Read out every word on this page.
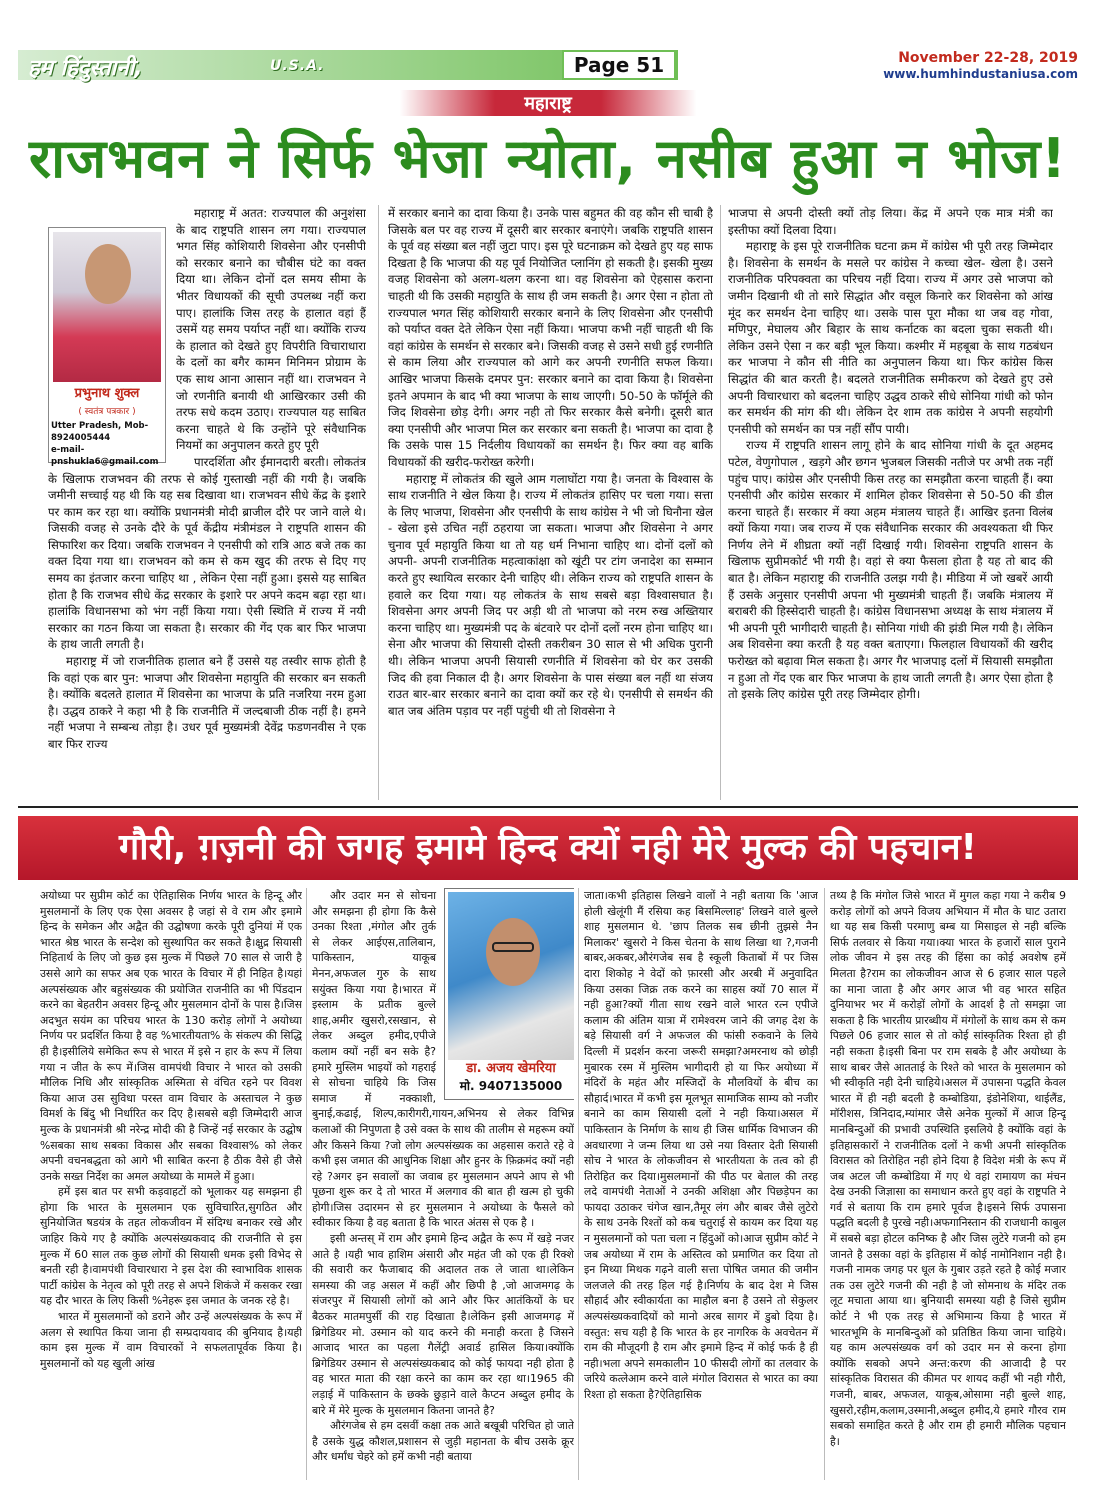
हम हिंदुस्तानी,	U.S.A.	Page 51	November 22-28, 2019
www.humhindustaniusa.com
महाराष्ट्र
राजभवन ने सिर्फ भेजा न्योता, नसीब हुआ न भोज!
प्रभुनाथ शुक्ल
( स्वतंत्र पत्रकार )
Utter Pradesh, Mob-8924005444
e-mail- pnshukla6@gmail.com

महाराष्ट्र में अतत: राज्यपाल की अनुशंसा के बाद राष्ट्रपति शासन लग गया। राज्यपाल भगत सिंह कोशियारी शिवसेना और एनसीपी को सरकार बनाने का चौबीस घंटे का वक्त दिया था। लेकिन दोनों दल समय सीमा के भीतर विधायकों की सूची उपलब्ध नहीं करा पाए। हालांकि जिस तरह के हालात वहां हैं उसमें यह समय पर्याप्त नहीं था। क्योंकि राज्य के हालात को देखते हुए विपरीति विचाराधारा के दलों का बगैर कामन मिनिमन प्रोग्राम के एक साथ आना आसान नहीं था। राजभवन ने जो रणनीति बनायी थी आखिरकार उसी की तरफ सधे कदम उठाए। राज्यपाल यह साबित करना चाहते थे कि उन्होंने पूरे संवैधानिक नियमों का अनुपालन करते हुए पूरी

पारदर्शिता और ईमानदारी बरती। लोकतंत्र के खिलाफ राजभवन की तरफ से कोई गुस्ताखी नहीं की गयी है। जबकि जमीनी सच्चाई यह थी कि यह सब दिखावा था। राजभवन सीधे केंद्र के इशारे पर काम कर रहा था। क्योंकि प्रधानमंत्री मोदी ब्राजील दौरे पर जाने वाले थे। जिसकी वजह से उनके दौरे के पूर्व केंद्रीय मंत्रीमंडल ने राष्ट्रपति शासन की सिफारिश कर दिया। जबकि राजभवन ने एनसीपी को रात्रि आठ बजे तक का वक्त दिया गया था। राजभवन को कम से कम खुद की तरफ से दिए गए समय का इंतजार करना चाहिए था , लेकिन ऐसा नहीं हुआ। इससे यह साबित होता है कि राजभव सीधे केंद्र सरकार के इशारे पर अपने कदम बढ़ा रहा था। हालांकि विधानसभा को भंग नहीं किया गया। ऐसी स्थिति में राज्य में नयी सरकार का गठन किया जा सकता है। सरकार की गेंद एक बार फिर भाजपा के हाथ जाती लगती है।

महाराष्ट्र में जो राजनीतिक हालात बने हैं उससे यह तस्वीर साफ होती है कि वहां एक बार पुन: भाजपा और शिवसेना महायुति की सरकार बन सकती है। क्योंकि बदलते हालात में शिवसेना का भाजपा के प्रति नजरिया नरम हुआ है। उद्धव ठाकरे ने कहा भी है कि राजनीति में जल्दबाजी ठीक नहीं है। हमने नहीं भजपा ने सम्बन्ध तोड़ा है। उधर पूर्व मुख्यमंत्री देवेंद्र फडणनवीस ने एक बार फिर राज्य

में सरकार बनाने का दावा किया है। उनके पास बहुमत की वह कौन सी चाबी है जिसके बल पर वह राज्य में दूसरी बार सरकार बनाएंगे। जबकि राष्ट्रपति शासन के पूर्व वह संख्या बल नहीं जुटा पाए। इस पूरे घटनाक्रम को देखते हुए यह साफ दिखता है कि भाजपा की यह पूर्व नियोजित प्लानिंग हो सकती है। इसकी मुख्य वजह शिवसेना को अलग-थलग करना था। वह शिवसेना को ऐहसास कराना चाहती थी कि उसकी महायुति के साथ ही जम सकती है। अगर ऐसा न होता तो राज्यपाल भगत सिंह कोशियारी सरकार बनाने के लिए शिवसेना और एनसीपी को पर्याप्त वक्त देते लेकिन ऐसा नहीं किया। भाजपा कभी नहीं चाहती थी कि वहां कांग्रेस के समर्थन से सरकार बने। जिसकी वजह से उसने सधी हुई रणनीति से काम लिया और राज्यपाल को आगे कर अपनी रणनीति सफल किया। आखिर भाजपा किसके दमपर पुन: सरकार बनाने का दावा किया है। शिवसेना इतने अपमान के बाद भी क्या भाजपा के साथ जाएगी। 50-50 के फॉर्मूले की जिद शिवसेना छोड़ देगी। अगर नही तो फिर सरकार कैसे बनेगी। दूसरी बात क्या एनसीपी और भाजपा मिल कर सरकार बना सकती है। भाजपा का दावा है कि उसके पास 15 निर्दलीय विधायकों का समर्थन है। फिर क्या वह बाकि विधायकों की खरीद-फरोख्त करेगी।

महाराष्ट्र में लोकतंत्र की खुले आम गलाघोंटा गया है। जनता के विश्वास के साथ राजनीति ने खेल किया है। राज्य में लोकतंत्र हासिए पर चला गया। सत्ता के लिए भाजपा, शिवसेना और एनसीपी के साथ कांग्रेस ने भी जो घिनौना खेल - खेला इसे उचित नहीं ठहराया जा सकता। भाजपा और शिवसेना ने अगर चुनाव पूर्व महायुति किया था तो यह धर्म निभाना चाहिए था। दोनों दलों को अपनी- अपनी राजनीतिक महत्वाकांक्षा को खूंटी पर टांग जनादेश का सम्मान करते हुए स्थायित्व सरकार देनी चाहिए थी। लेकिन राज्य को राष्ट्रपति शासन के हवाले कर दिया गया। यह लोकतंत्र के साथ सबसे बड़ा विश्वासघात है। शिवसेना अगर अपनी जिद पर अड़ी थी तो भाजपा को नरम रुख अख्तियार करना चाहिए था। मुख्यमंत्री पद के बंटवारे पर दोनों दलों नरम होना चाहिए था। सेना और भाजपा की सियासी दोस्ती तकरीबन 30 साल से भी अधिक पुरानी थी। लेकिन भाजपा अपनी सियासी रणनीति में शिवसेना को घेर कर उसकी जिद की हवा निकाल दी है। अगर शिवसेना के पास संख्या बल नहीं था संजय राउत बार-बार सरकार बनाने का दावा क्यों कर रहे थे। एनसीपी से समर्थन की बात जब अंतिम पड़ाव पर नहीं पहुंची थी तो शिवसेना ने

भाजपा से अपनी दोस्ती क्यों तोड़ लिया। केंद्र में अपने एक मात्र मंत्री का इस्तीफा क्यों दिलवा दिया।

महाराष्ट्र के इस पूरे राजनीतिक घटना क्रम में कांग्रेस भी पूरी तरह जिम्मेदार है। शिवसेना के समर्थन के मसले पर कांग्रेस ने कच्चा खेल- खेला है। उसने राजनीतिक परिपक्वता का परिचय नहीं दिया। राज्य में अगर उसे भाजपा को जमीन दिखानी थी तो सारे सिद्धांत और वसूल किनारे कर शिवसेना को आंख मूंद कर समर्थन देना चाहिए था। उसके पास पूरा मौका था जब वह गोवा, मणिपुर, मेघालय और बिहार के साथ कर्नाटक का बदला चुका सकती थी। लेकिन उसने ऐसा न कर बड़ी भूल किया। कश्मीर में महबूबा के साथ गठबंधन कर भाजपा ने कौन सी नीति का अनुपालन किया था। फिर कांग्रेस किस सिद्धांत की बात करती है। बदलते राजनीतिक समीकरण को देखते हुए उसे अपनी विचारधारा को बदलना चाहिए उद्धव ठाकरे सीधे सोनिया गांधी को फोन कर समर्थन की मांग की थी। लेकिन देर शाम तक कांग्रेस ने अपनी सहयोगी एनसीपी को समर्थन का पत्र नहीं सौंप पायी।

राज्य में राष्ट्रपति शासन लागू होने के बाद सोनिया गांधी के दूत अहमद पटेल, वेणुगोपाल , खड़गे और छगन भुजबल जिसकी नतीजे पर अभी तक नहीं पहुंच पाए। कांग्रेस और एनसीपी किस तरह का समझौता करना चाहती हैं। क्या एनसीपी और कांग्रेस सरकार में शामिल होकर शिवसेना से 50-50 की डील करना चाहते हैं। सरकार में क्या अहम मंत्रालय चाहते हैं। आखिर इतना विलंब क्यों किया गया। जब राज्य में एक संवैधानिक सरकार की अवश्यकता थी फिर निर्णय लेने में शीघ्रता क्यों नहीं दिखाई गयी। शिवसेना राष्ट्रपति शासन के खिलाफ सुप्रीमकोर्ट भी गयी है। वहां से क्या फैसला होता है यह तो बाद की बात है। लेकिन महाराष्ट्र की राजनीति उलझ गयी है। मीडिया में जो खबरें आयी हैं उसके अनुसार एनसीपी अपना भी मुख्यमंत्री चाहती हैं। जबकि मंत्रालय में बराबरी की हिस्सेदारी चाहती है। कांग्रेस विधानसभा अध्यक्ष के साथ मंत्रालय में भी अपनी पूरी भागीदारी चाहती है। सोनिया गांधी की झंडी मिल गयी है। लेकिन अब शिवसेना क्या करती है यह वक्त बताएगा। फिलहाल विधायकों की खरीद फरोख्त को बढ़ावा मिल सकता है। अगर गैर भाजपाइ दलों में सियासी समझौता न हुआ तो गेंद एक बार फिर भाजपा के हाथ जाती लगती है। अगर ऐसा होता है तो इसके लिए कांग्रेस पूरी तरह जिम्मेदार होगी।

गौरी, ग़ज़नी की जगह इमामे हिन्द क्यों नही मेरे मुल्क की पहचान!

अयोध्या पर सुप्रीम कोर्ट का ऐतिहासिक निर्णय भारत के हिन्दू और मुसलमानों के लिए एक ऐसा अवसर है जहां से वे राम और इमामे हिन्द के समेकन और अद्वैत की उद्घोषणा करके पूरी दुनियां में एक भारत श्रेष्ठ भारत के सन्देश को सुस्थापित कर सकते है।क्षुद्र सियासी निहितार्थ के लिए जो कुछ इस मुल्क में पिछले 70 साल से जारी है उससे आगे का सफर अब एक भारत के विचार में ही निहित है।यहां अल्पसंख्यक और बहुसंख्यक की प्रयोजित राजनीति का भी पिंडदान करने का बेहतरीन अवसर हिन्दू और मुसलमान दोनों के पास है।जिस अदभुत सयंम का परिचय भारत के 130 करोड़ लोगों ने अयोध्या निर्णय पर प्रदर्शित किया है वह %भारतीयता% के संकल्प की सिद्धि ही है।इसीलिये समेकित रूप से भारत में इसे न हार के रूप में लिया गया न जीत के रूप में।जिस वामपंथी विचार ने भारत को उसकी मौलिक निधि और सांस्कृतिक अस्मिता से वंचित रहने पर विवश किया आज उस सुविधा परस्त वाम विचार के अस्ताचल ने कुछ विमर्श के बिंदु भी निर्धारित कर दिए है।सबसे बड़ी जिम्मेदारी आज मुल्क के प्रधानमंत्री श्री नरेन्द्र मोदी की है जिन्हें नई सरकार के उद्घोष %सबका साथ सबका विकास और सबका विश्वास% को लेकर अपनी वचनबद्धता को आगे भी साबित करना है ठीक वैसे ही जैसे उनके सख्त निर्देश का अमल अयोध्या के मामले में हुआ।

हमें इस बात पर सभी कड़वाहटों को भूलाकर यह समझना ही होगा कि भारत के मुसलमान एक सुविचारित,सुगठित और सुनियोजित षडयंत्र के तहत लोकजीवन में संदिग्ध बनाकर रखे और जाहिर किये गए है क्योंकि अल्पसंख्यकवाद की राजनीति से इस मुल्क में 60 साल तक कुछ लोगों की सियासी धमक इसी विभेद से बनती रही है।वामपंथी विचारधारा ने इस देश की स्वाभाविक शासक पार्टी कांग्रेस के नेतृत्व को पूरी तरह से अपने शिकंजे में कसकर रखा यह दौर भारत के लिए किसी %नेहरू इस जमात के जनक रहे है।

भारत में मुसलमानों को डराने और उन्हें अल्पसंख्यक के रूप में अलग से स्थापित किया जाना ही सम्प्रदायवाद की बुनियाद है।यही काम इस मुल्क में वाम विचारकों ने सफलतापूर्वक किया है। मुसलमानों को यह खुली आंख

डा. अजय खेमरिया
मो. 9407135000

और उदार मन से सोचना और समझना ही होगा कि कैसे उनका रिश्ता ,मंगोल और तुर्क से लेकर आईएस,तालिबान, पाकिस्तान, याकूब मेनन,अफजल गुरु के साथ सयुंक्त किया गया है।भारत में इस्लाम के प्रतीक बुल्ले शाह,अमीर खुसरो,रसखान, से लेकर अब्दुल हमीद,एपीजे कलाम क्यों नहीं बन सके है? हमारे मुस्लिम भाइयों को गहराई से सोचना चाहिये कि जिस समाज में नक्काशी, बुनाई,कढाई, शिल्प,कारीगरी,गायन,अभिनय से लेकर विभिन्न कलाओं की निपुणता है उसे वक्त के साथ की तालीम से महरूम क्यों और किसने किया ?जो लोग अल्पसंख्यक का अहसास कराते रहे वे कभी इस जमात की आधुनिक शिक्षा और हुनर के फ़िक्रमंद क्यों नही रहे ?अगर इन सवालों का जवाब हर मुसलमान अपने आप से भी पूछना शुरू कर दे तो भारत में अलगाव की बात ही खत्म हो चुकी होगी।जिस उदारमन से हर मुसलमान ने अयोध्या के फैसले को स्वीकार किया है वह बताता है कि भारत अंतस से एक है ।

इसी अन्तस् में राम और इमामे हिन्द अद्वैत के रूप में खड़े नजर आते है ।यही भाव हाशिम अंसारी और महंत जी को एक ही रिक्शे की सवारी कर फैजाबाद की अदालत तक ले जाता था।लेकिन समस्या की जड़ असल में कहीं और छिपी है ,जो आजमगढ़ के संजरपुर में सियासी लोगों को आने और फिर आतंकियों के घर बैठकर मातमपुर्सी की राह दिखाता है।लेकिन इसी आजमगढ़ में ब्रिगेडियर मो. उस्मान को याद करने की मनाही करता है जिसने आजाद भारत का पहला गैलेंट्री अवार्ड हासिल किया।क्योंकि ब्रिगेडियर उस्मान से अल्पसंख्यकबाद को कोई फायदा नही होता है वह भारत माता की रक्षा करने का काम कर रहा था।1965 की लड़ाई में पाकिस्तान के छक्के छुड़ाने वाले कैप्टन अब्दुल हमीद के बारे में मेरे मुल्क के मुसलमान कितना जानते है?

औरंगजेब से हम दसवीं कक्षा तक आते बखूबी परिचित हो जाते है उसके युद्ध कौशल,प्रशासन से जुड़ी महानता के बीच उसके क्रूर और धर्मांध चेहरे को हमें कभी नही बताया

जाता।कभी इतिहास लिखने वालों ने नही बताया कि 'आज होली खेलूंगी मैं रसिया कह बिसमिल्लाह' लिखने वाले बुल्ले शाह मुसलमान थे. 'छाप तिलक सब छीनी तुझसे नैन मिलाकर' खुसरो ने किस चेतना के साथ लिखा था ?,गजनी बाबर,अकबर,औरंगजेब सब है स्कूली किताबों में पर जिस दारा शिकोह ने वेदों को फ़ारसी और अरबी में अनुवादित किया उसका जिक्र तक करने का साहस क्यों 70 साल में नही हुआ?क्यों गीता साथ रखने वाले भारत रत्न एपीजे कलाम की अंतिम यात्रा में रामेश्वरम जाने की जगह देश के बड़े सियासी वर्ग ने अफजल की फांसी रुकवाने के लिये दिल्ली में प्रदर्शन करना जरूरी समझा?अमरनाथ को छोड़ी मुबारक रस्म में मुस्लिम भागीदारी हो या फिर अयोध्या में मंदिरों के महंत और मस्जिदों के मौलवियों के बीच का सौहार्द।भारत में कभी इस मूलभूत सामाजिक साम्य को नजीर बनाने का काम सियासी दलों ने नही किया।असल में पाकिस्तान के निर्माण के साथ ही जिस धार्मिक विभाजन की अवधारणा ने जन्म लिया था उसे नया विस्तार देती सियासी सोच ने भारत के लोकजीवन से भारतीयता के तत्व को ही तिरोहित कर दिया।मुसलमानों की पीठ पर बेताल की तरह लदे वामपंथी नेताओं ने उनकी अशिक्षा और पिछड़ेपन का फायदा उठाकर चंगेज खान,तैमूर लंग और बाबर जैसे लुटेरो के साथ उनके रिश्तों को कब चतुराई से कायम कर दिया यह न मुसलमानों को पता चला न हिंदुओं को।आज सुप्रीम कोर्ट ने जब अयोध्या में राम के अस्तित्व को प्रमाणित कर दिया तो इन मिथ्या मिथक गढ़ने वाली सत्ता पोषित जमात की जमीन जलजले की तरह हिल गई है।निर्णय के बाद देश मे जिस सौहार्द और स्वीकार्यता का माहौल बना है उसने तो सेकुलर अल्पसंख्यकवादियों को मानो अरब सागर में डुबो दिया है।वस्तुत: सच यही है कि भारत के हर नागरिक के अवचेतन में राम की मौजूदगी है राम और इमामे हिन्द में कोई फर्क है ही नही।भला अपने समकालीन 10 फीसदी लोगों का तलवार के जरिये कत्लेआम करने वाले मंगोल विरासत से भारत का क्या रिश्ता हो सकता है?ऐतिहासिक

तथ्य है कि मंगोल जिसे भारत में मुगल कहा गया ने करीब 9 करोड़ लोगों को अपने विजय अभियान में मौत के घाट उतारा था यह सब किसी परमाणु बम्ब या मिसाइल से नही बल्कि सिर्फ तलवार से किया गया।क्या भारत के हजारों साल पुराने लोक जीवन मे इस तरह की हिंसा का कोई अवशेष हमें मिलता है?राम का लोकजीवन आज से 6 हजार साल पहले का माना जाता है और अगर आज भी वह भारत सहित दुनियाभर भर में करोड़ों लोगों के आदर्श है तो समझा जा सकता है कि भारतीय प्रारब्धीय में मंगोलों के साथ कम से कम पिछले 06 हजार साल से तो कोई सांस्कृतिक रिश्ता हो ही नही सकता है।इसी बिना पर राम सबके है और अयोध्या के साथ बाबर जैसे आतताई के रिश्ते को भारत के मुसलमान को भी स्वीकृति नही देनी चाहिये।असल में उपासना पद्धति केवल भारत में ही नही बदली है कम्बोडिया, इंडोनेशिया, थाईलैंड, मॉरीशस, त्रिनिदाद,म्यांमार जैसे अनेक मुल्कों में आज हिन्दू मानबिन्दुओं की प्रभावी उपस्थिति इसलिये है क्योंकि वहां के इतिहासकारों ने राजनीतिक दलों ने कभी अपनी सांस्कृतिक विरासत को तिरोहित नही होने दिया है विदेश मंत्री के रूप में जब अटल जी कम्बोडिया में गए थे वहां रामायण का मंचन देख उनकी जिज्ञासा का समाधान करते हुए वहां के राष्ट्रपति ने गर्व से बताया कि राम हमारे पूर्वज है।इसने सिर्फ उपासना पद्धति बदली है पुरखे नही।अफगानिस्तान की राजधानी काबुल में सबसे बड़ा होटल कनिष्क है और जिस लुटेरे गजनी को हम जानते है उसका वहां के इतिहास में कोई नामोनिशान नही है।गजनी नामक जगह पर धूल के गुबार उड़ते रहते है कोई मजार तक उस लुटेरे गजनी की नही है जो सोमनाथ के मंदिर तक लूट मचाता आया था। बुनियादी समस्या यही है जिसे सुप्रीम कोर्ट ने भी एक तरह से अभिमान्य किया है भारत में भारतभूमि के मानबिन्दुओं को प्रतिष्ठित किया जाना चाहिये।यह काम अल्पसंख्यक वर्ग को उदार मन से करना होगा क्योंकि सबको अपने अन्त:करण की आजादी है पर सांस्कृतिक विरासत की कीमत पर शायद कहीं भी नही गौरी, गजनी, बाबर, अफजल, याकूब,ओसामा नही बुल्ले शाह, खुसरो,रहीम,कलाम,उस्मानी,अब्दुल हमीद,ये हमारे गौरव राम सबको समाहित करते है और राम ही हमारी मौलिक पहचान है।
